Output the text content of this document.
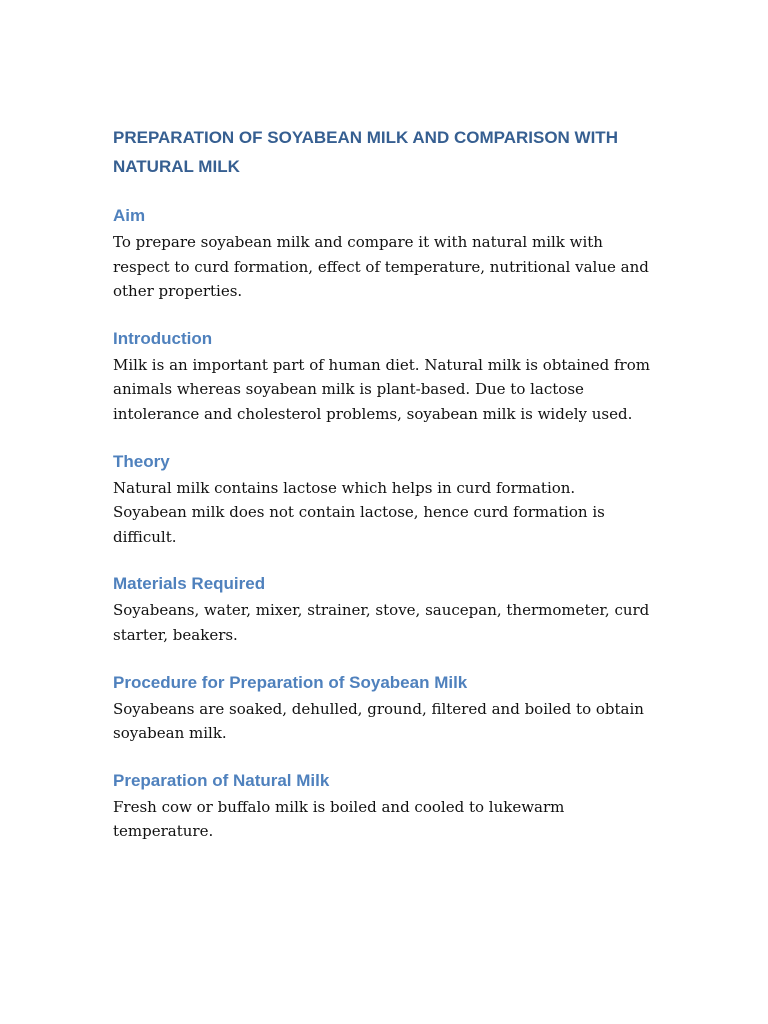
PREPARATION OF SOYABEAN MILK AND COMPARISON WITH
NATURAL MILK
Aim

To prepare soyabean milk and compare it with natural milk with respect to curd formation, effect of temperature, nutritional value and other properties.

Introduction

Milk is an important part of human diet. Natural milk is obtained from animals whereas soyabean milk is plant-based. Due to lactose intolerance and cholesterol problems, soyabean milk is widely used.

Theory

Natural milk contains lactose which helps in curd formation. Soyabean milk does not contain lactose, hence curd formation is difficult.

Materials Required

Soyabeans, water, mixer, strainer, stove, saucepan, thermometer, curd starter, beakers.

Procedure for Preparation of Soyabean Milk

Soyabeans are soaked, dehulled, ground, filtered and boiled to obtain soyabean milk.

Preparation of Natural Milk

Fresh cow or buffalo milk is boiled and cooled to lukewarm temperature.
